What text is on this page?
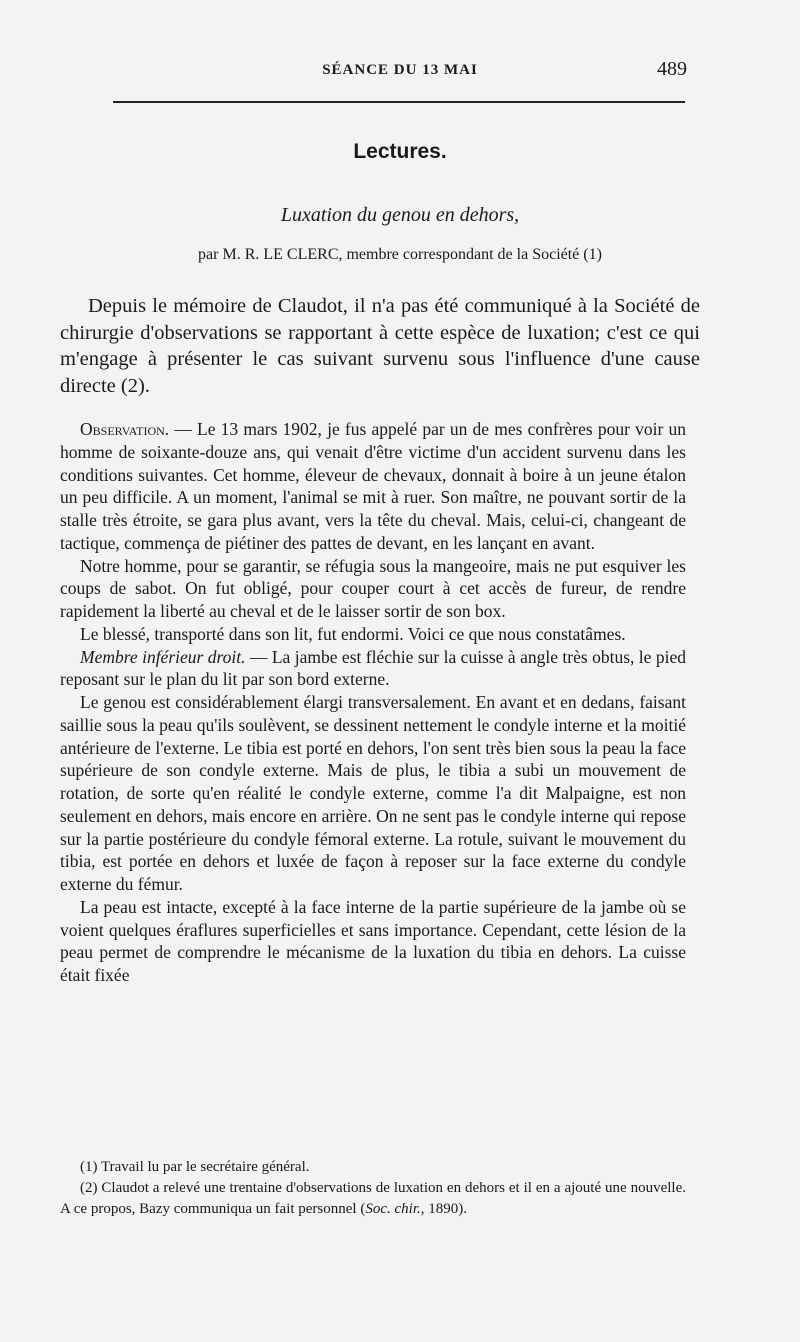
SÉANCE DU 13 MAI	489
Lectures.
Luxation du genou en dehors,
par M. R. LE CLERC, membre correspondant de la Société (1)

Depuis le mémoire de Claudot, il n'a pas été communiqué à la Société de chirurgie d'observations se rapportant à cette espèce de luxation; c'est ce qui m'engage à présenter le cas suivant survenu sous l'influence d'une cause directe (2).

Observation. — Le 13 mars 1902, je fus appelé par un de mes confrères pour voir un homme de soixante-douze ans, qui venait d'être victime d'un accident survenu dans les conditions suivantes. Cet homme, éleveur de chevaux, donnait à boire à un jeune étalon un peu difficile. A un moment, l'animal se mit à ruer. Son maître, ne pouvant sortir de la stalle très étroite, se gara plus avant, vers la tête du cheval. Mais, celui-ci, changeant de tactique, commença de piétiner des pattes de devant, en les lançant en avant.

Notre homme, pour se garantir, se réfugia sous la mangeoire, mais ne put esquiver les coups de sabot. On fut obligé, pour couper court à cet accès de fureur, de rendre rapidement la liberté au cheval et de le laisser sortir de son box.

Le blessé, transporté dans son lit, fut endormi. Voici ce que nous constatâmes.

Membre inférieur droit. — La jambe est fléchie sur la cuisse à angle très obtus, le pied reposant sur le plan du lit par son bord externe.

Le genou est considérablement élargi transversalement. En avant et en dedans, faisant saillie sous la peau qu'ils soulèvent, se dessinent nettement le condyle interne et la moitié antérieure de l'externe. Le tibia est porté en dehors, l'on sent très bien sous la peau la face supérieure de son condyle externe. Mais de plus, le tibia a subi un mouvement de rotation, de sorte qu'en réalité le condyle externe, comme l'a dit Malpaigne, est non seulement en dehors, mais encore en arrière. On ne sent pas le condyle interne qui repose sur la partie postérieure du condyle fémoral externe. La rotule, suivant le mouvement du tibia, est portée en dehors et luxée de façon à reposer sur la face externe du condyle externe du fémur.

La peau est intacte, excepté à la face interne de la partie supérieure de la jambe où se voient quelques éraflures superficielles et sans importance. Cependant, cette lésion de la peau permet de comprendre le mécanisme de la luxation du tibia en dehors. La cuisse était fixée

(1) Travail lu par le secrétaire général.

(2) Claudot a relevé une trentaine d'observations de luxation en dehors et il en a ajouté une nouvelle. A ce propos, Bazy communiqua un fait personnel (Soc. chir., 1890).
